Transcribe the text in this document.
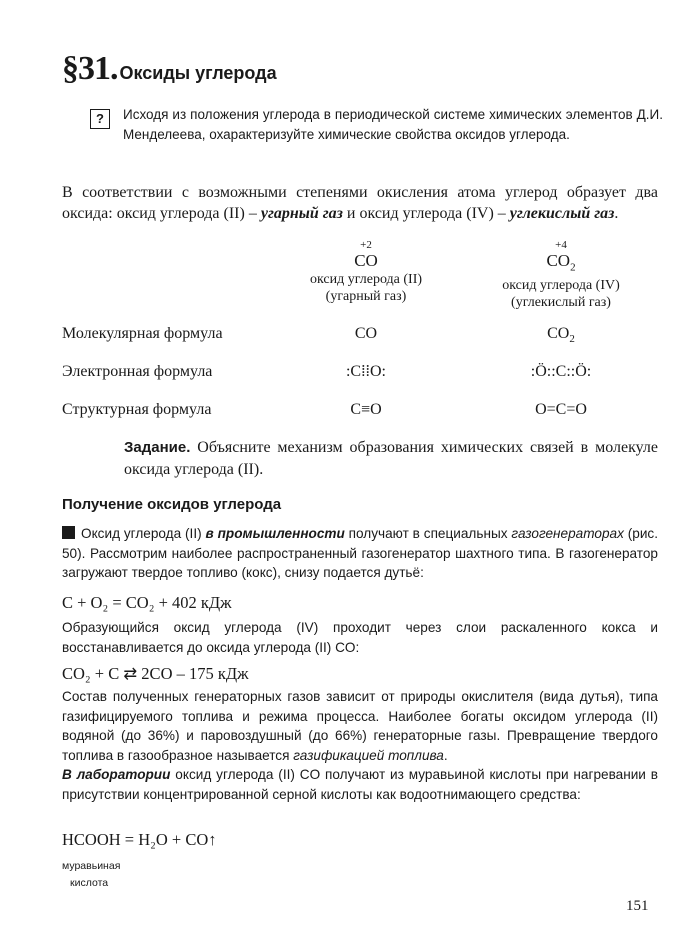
§31. Оксиды углерода
?	Исходя из положения углерода в периодической системе химических элементов Д.И. Менделеева, охарактеризуйте химические свойства оксидов углерода.
В соответствии с возможными степенями окисления атома углерод образует два оксида: оксид углерода (II) – угарный газ и оксид углерода (IV) – углекислый газ.
+2
CO
оксид углерода (II)
(угарный газ)
+4
$CO_2$
оксид углерода (IV)
(углекислый газ)
Молекулярная формула	CO	$CO_2$
Электронная формула	:C⁞⁞O:	:Ö::C::Ö:
Структурная формула	C≡O	O=C=O
Задание. Объясните механизм образования химических связей в молекуле оксида углерода (II).
Получение оксидов углерода
Оксид углерода (II) в промышленности получают в специальных газогенераторах (рис. 50). Рассмотрим наиболее распространенный газогенератор шахтного типа. В газогенератор загружают твердое топливо (кокс), снизу подается дутьё:
C + O₂ = CO₂ + 402 кДж
Образующийся оксид углерода (IV) проходит через слои раскаленного кокса и восстанавливается до оксида углерода (II) CO:
CO₂ + C ⇄ 2CO – 175 кДж
Состав полученных генераторных газов зависит от природы окислителя (вида дутья), типа газифицируемого топлива и режима процесса. Наиболее богаты оксидом углерода (II) водяной (до 36%) и паровоздушный (до 66%) генераторные газы. Превращение твердого топлива в газообразное называется газификацией топлива.
В лаборатории оксид углерода (II) CO получают из муравьиной кислоты при нагревании в присутствии концентрированной серной кислоты как водоотнимающего средства:
HCOOH = H₂O + CO↑
муравьиная
кислота
151
